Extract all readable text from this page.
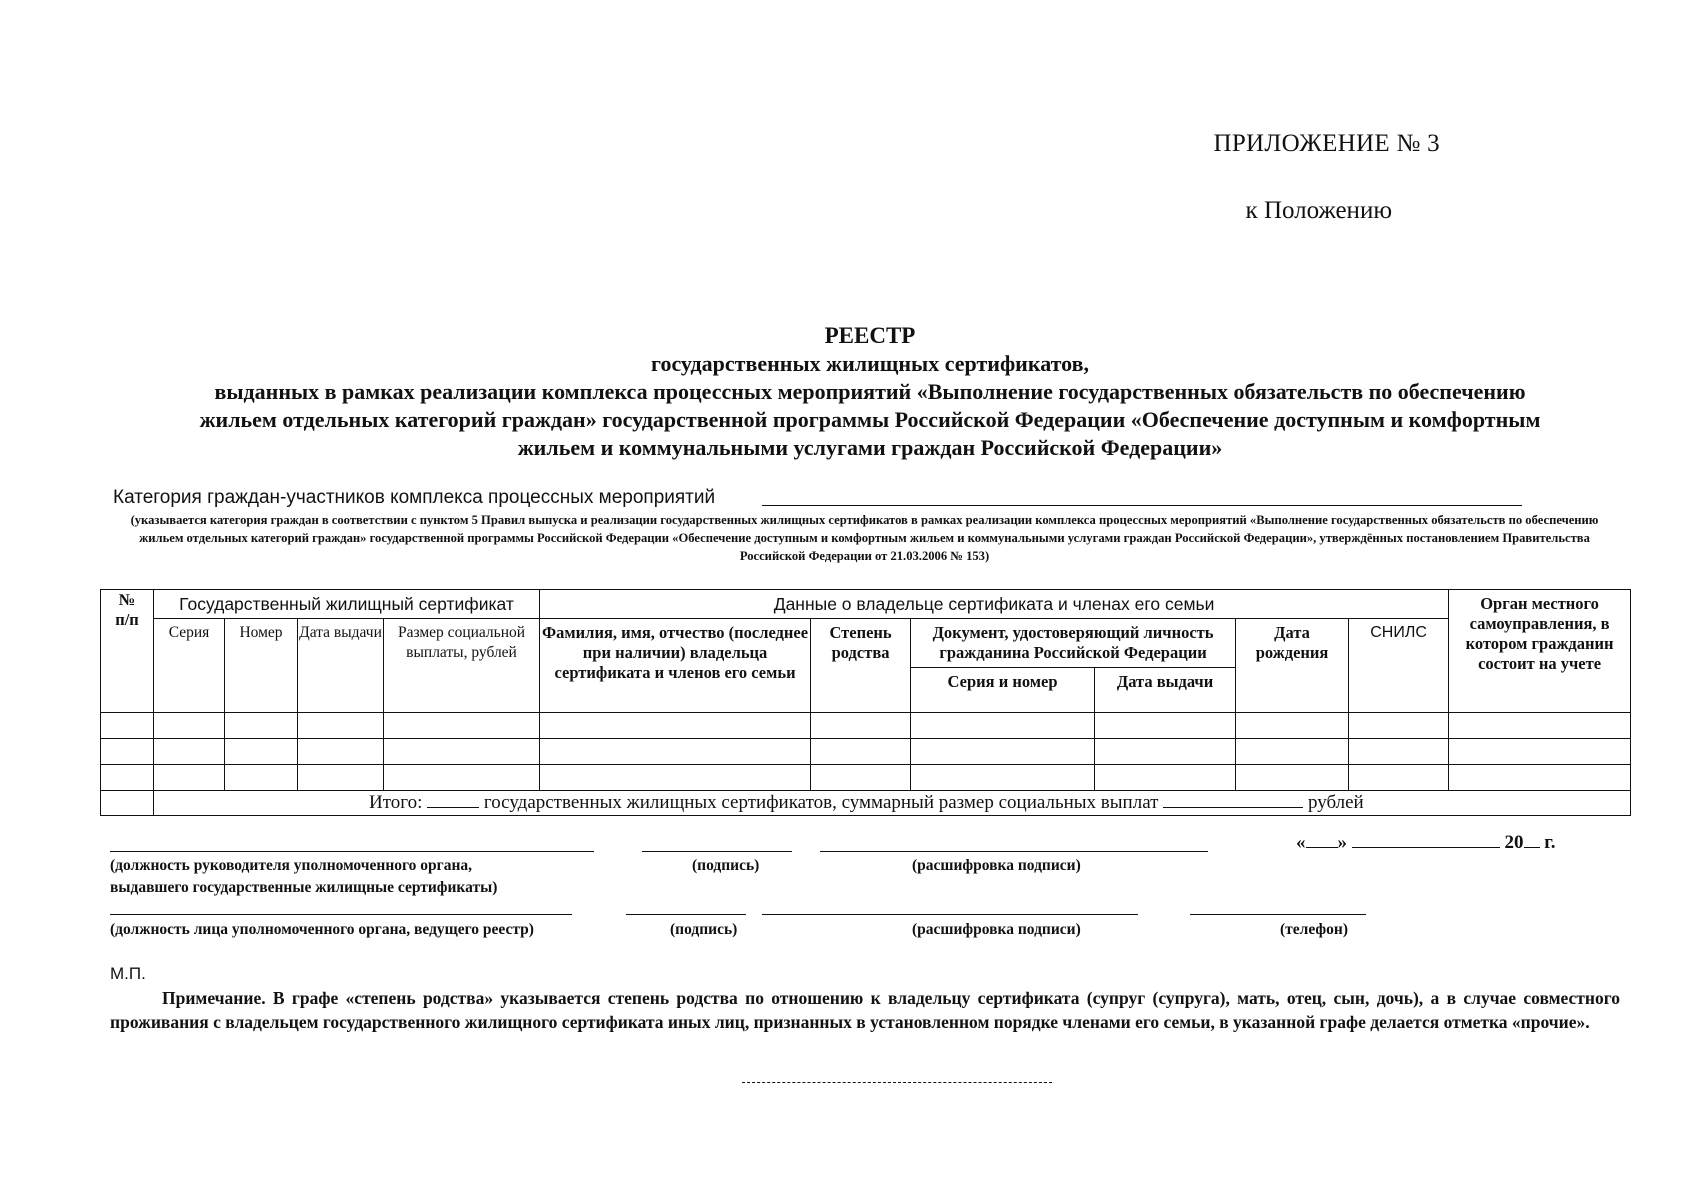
ПРИЛОЖЕНИЕ № 3
к Положению
РЕЕСТР
государственных жилищных сертификатов,
выданных в рамках реализации комплекса процессных мероприятий «Выполнение государственных обязательств по обеспечению
жильем отдельных категорий граждан» государственной программы Российской Федерации «Обеспечение доступным и комфортным
жильем и коммунальными услугами граждан Российской Федерации»
Категория граждан-участников комплекса процессных мероприятий
(указывается категория граждан в соответствии с пунктом 5 Правил выпуска и реализации государственных жилищных сертификатов в рамках реализации комплекса процессных мероприятий «Выполнение государственных обязательств по обеспечению жильем отдельных категорий граждан» государственной программы Российской Федерации «Обеспечение доступным и комфортным жильем и коммунальными услугами граждан Российской Федерации», утверждённых постановлением Правительства Российской Федерации от 21.03.2006 № 153)
№
п/п	Государственный жилищный сертификат				Данные о владельце сертификата и членах его семьи						Орган местного самоуправления, в котором гражданин состоит на учете
	Серия	Номер	Дата выдачи	Размер социальной выплаты, рублей	Фамилия, имя, отчество (последнее при наличии) владельца сертификата и членов его семьи	Степень родства	Документ, удостоверяющий личность гражданина Российской Федерации		Дата рождения	СНИЛС	
							Серия и номер	Дата выдачи			

	Итого: государственных жилищных сертификатов, суммарный размер социальных выплат рублей										
« »	20 г.
(должность руководителя уполномоченного органа,
выдавшего государственные жилищные сертификаты)
(подпись)	(расшифровка подписи)
(должность лица уполномоченного органа, ведущего реестр)	(подпись)	(расшифровка подписи)	(телефон)
М.П.
Примечание. В графе «степень родства» указывается степень родства по отношению к владельцу сертификата (супруг (супруга), мать, отец, сын, дочь), а в случае совместного проживания с владельцем государственного жилищного сертификата иных лиц, признанных в установленном порядке членами его семьи, в указанной графе делается отметка «прочие».
